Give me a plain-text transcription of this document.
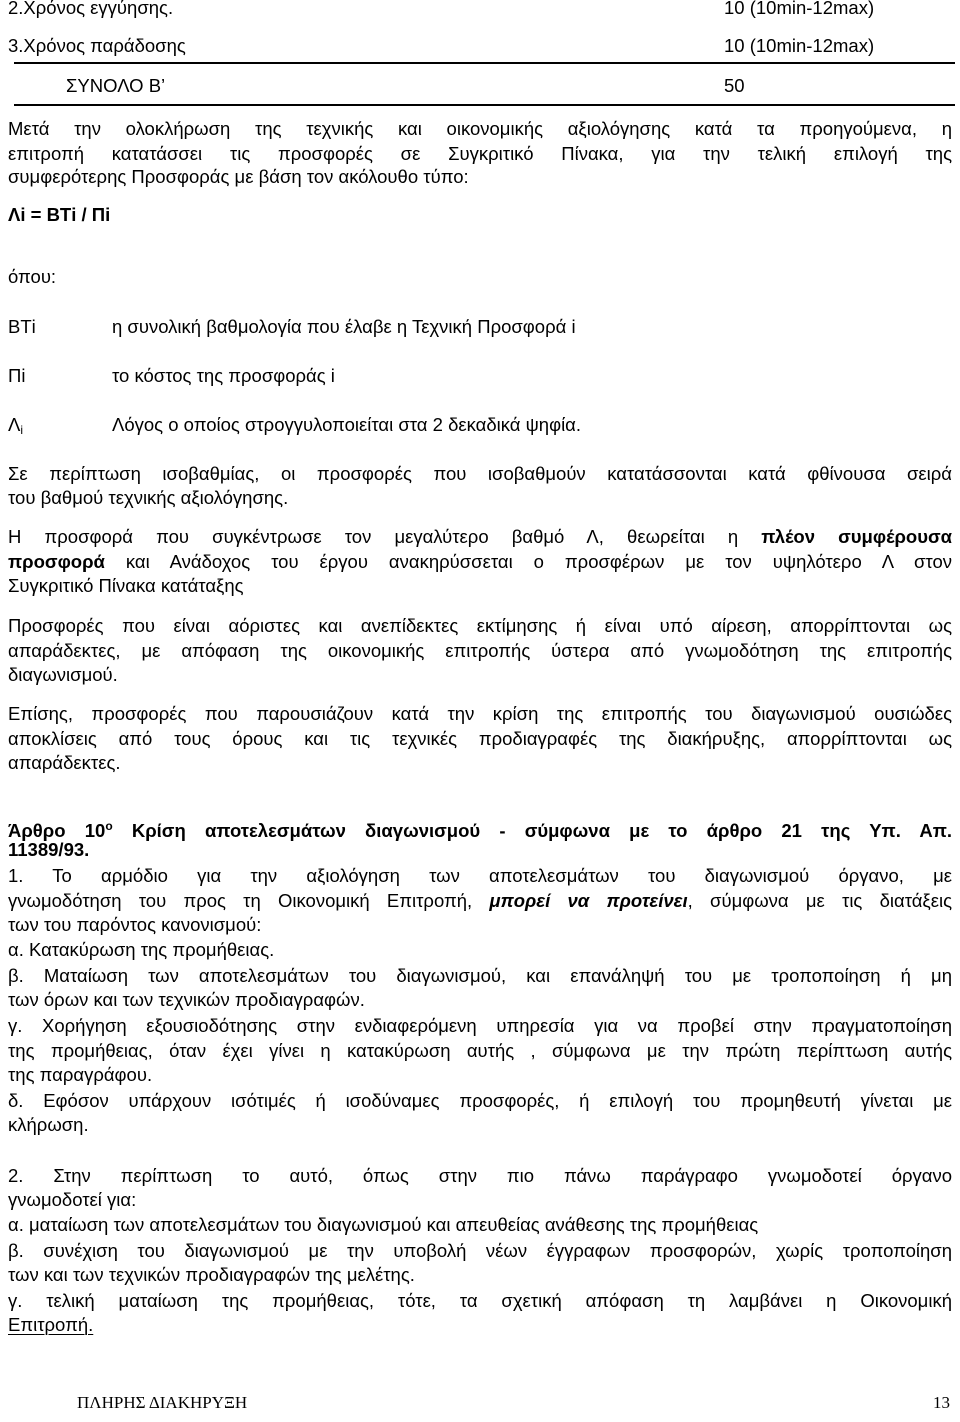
2.Χρόνος εγγύησης.	10 (10min-12max)
3.Χρόνος παράδοσης	10 (10min-12max)
ΣΥΝΟΛΟ Β’	50
Μετά την ολοκλήρωση της τεχνικής και οικονομικής αξιολόγησης κατά τα προηγούμενα, η
επιτροπή κατατάσσει τις προσφορές σε Συγκριτικό Πίνακα, για την τελική επιλογή της
συμφερότερης Προσφοράς με βάση τον ακόλουθο τύπο:
Λi = ΒΤi / Πi
όπου:
ΒΤi	η συνολική βαθμολογία που έλαβε η Τεχνική Προσφορά i
Πi	το κόστος της προσφοράς i
$\Lambda_i$	Λόγος ο οποίος στρογγυλοποιείται στα 2 δεκαδικά ψηφία.
Σε περίπτωση ισοβαθμίας, οι προσφορές που ισοβαθμούν κατατάσσονται κατά φθίνουσα σειρά
του βαθμού τεχνικής αξιολόγησης.
Η προσφορά που συγκέντρωσε τον μεγαλύτερο βαθμό Λ, θεωρείται η πλέον συμφέρουσα
προσφορά και Ανάδοχος του έργου ανακηρύσσεται ο προσφέρων με τον υψηλότερο Λ στον
Συγκριτικό Πίνακα κατάταξης
Προσφορές που είναι αόριστες και ανεπίδεκτες εκτίμησης ή είναι υπό αίρεση, απορρίπτονται ως
απαράδεκτες, με απόφαση της οικονομικής επιτροπής ύστερα από γνωμοδότηση της επιτροπής
διαγωνισμού.
Επίσης, προσφορές που παρουσιάζουν κατά την κρίση της επιτροπής του διαγωνισμού ουσιώδες
αποκλίσεις από τους όρους και τις τεχνικές προδιαγραφές της διακήρυξης, απορρίπτονται ως
απαράδεκτες.
Άρθρο $10^o$ Κρίση αποτελεσμάτων διαγωνισμού - σύμφωνα με το άρθρο 21 της Υπ. Απ.
11389/93.
1. Το αρμόδιο για την αξιολόγηση των αποτελεσμάτων του διαγωνισμού όργανο, με
γνωμοδότηση του προς τη Οικονομική Επιτροπή, μπορεί να προτείνει, σύμφωνα με τις διατάξεις
των του παρόντος κανονισμού:
α. Κατακύρωση της προμήθειας.
β. Ματαίωση των αποτελεσμάτων του διαγωνισμού, και επανάληψή του με τροποποίηση ή μη
των όρων και των τεχνικών προδιαγραφών.
γ. Χορήγηση εξουσιοδότησης στην ενδιαφερόμενη υπηρεσία για να προβεί στην πραγματοποίηση
της προμήθειας, όταν έχει γίνει η κατακύρωση αυτής , σύμφωνα με την πρώτη περίπτωση αυτής
της παραγράφου.
δ. Εφόσον υπάρχουν ισότιμές ή ισοδύναμες προσφορές, ή επιλογή του προμηθευτή γίνεται με
κλήρωση.
2. Στην περίπτωση το αυτό, όπως στην πιο πάνω παράγραφο γνωμοδοτεί όργανο
γνωμοδοτεί για:
α. ματαίωση των αποτελεσμάτων του διαγωνισμού και απευθείας ανάθεσης της προμήθειας
β. συνέχιση του διαγωνισμού με την υποβολή νέων έγγραφων προσφορών, χωρίς τροποποίηση
των και των τεχνικών προδιαγραφών της μελέτης.
γ. τελική ματαίωση της προμήθειας, τότε, τα σχετική απόφαση τη λαμβάνει η Οικονομική
Επιτροπή.
ΠΛΗΡΗΣ ΔΙΑΚΗΡΥΞΗ	13
